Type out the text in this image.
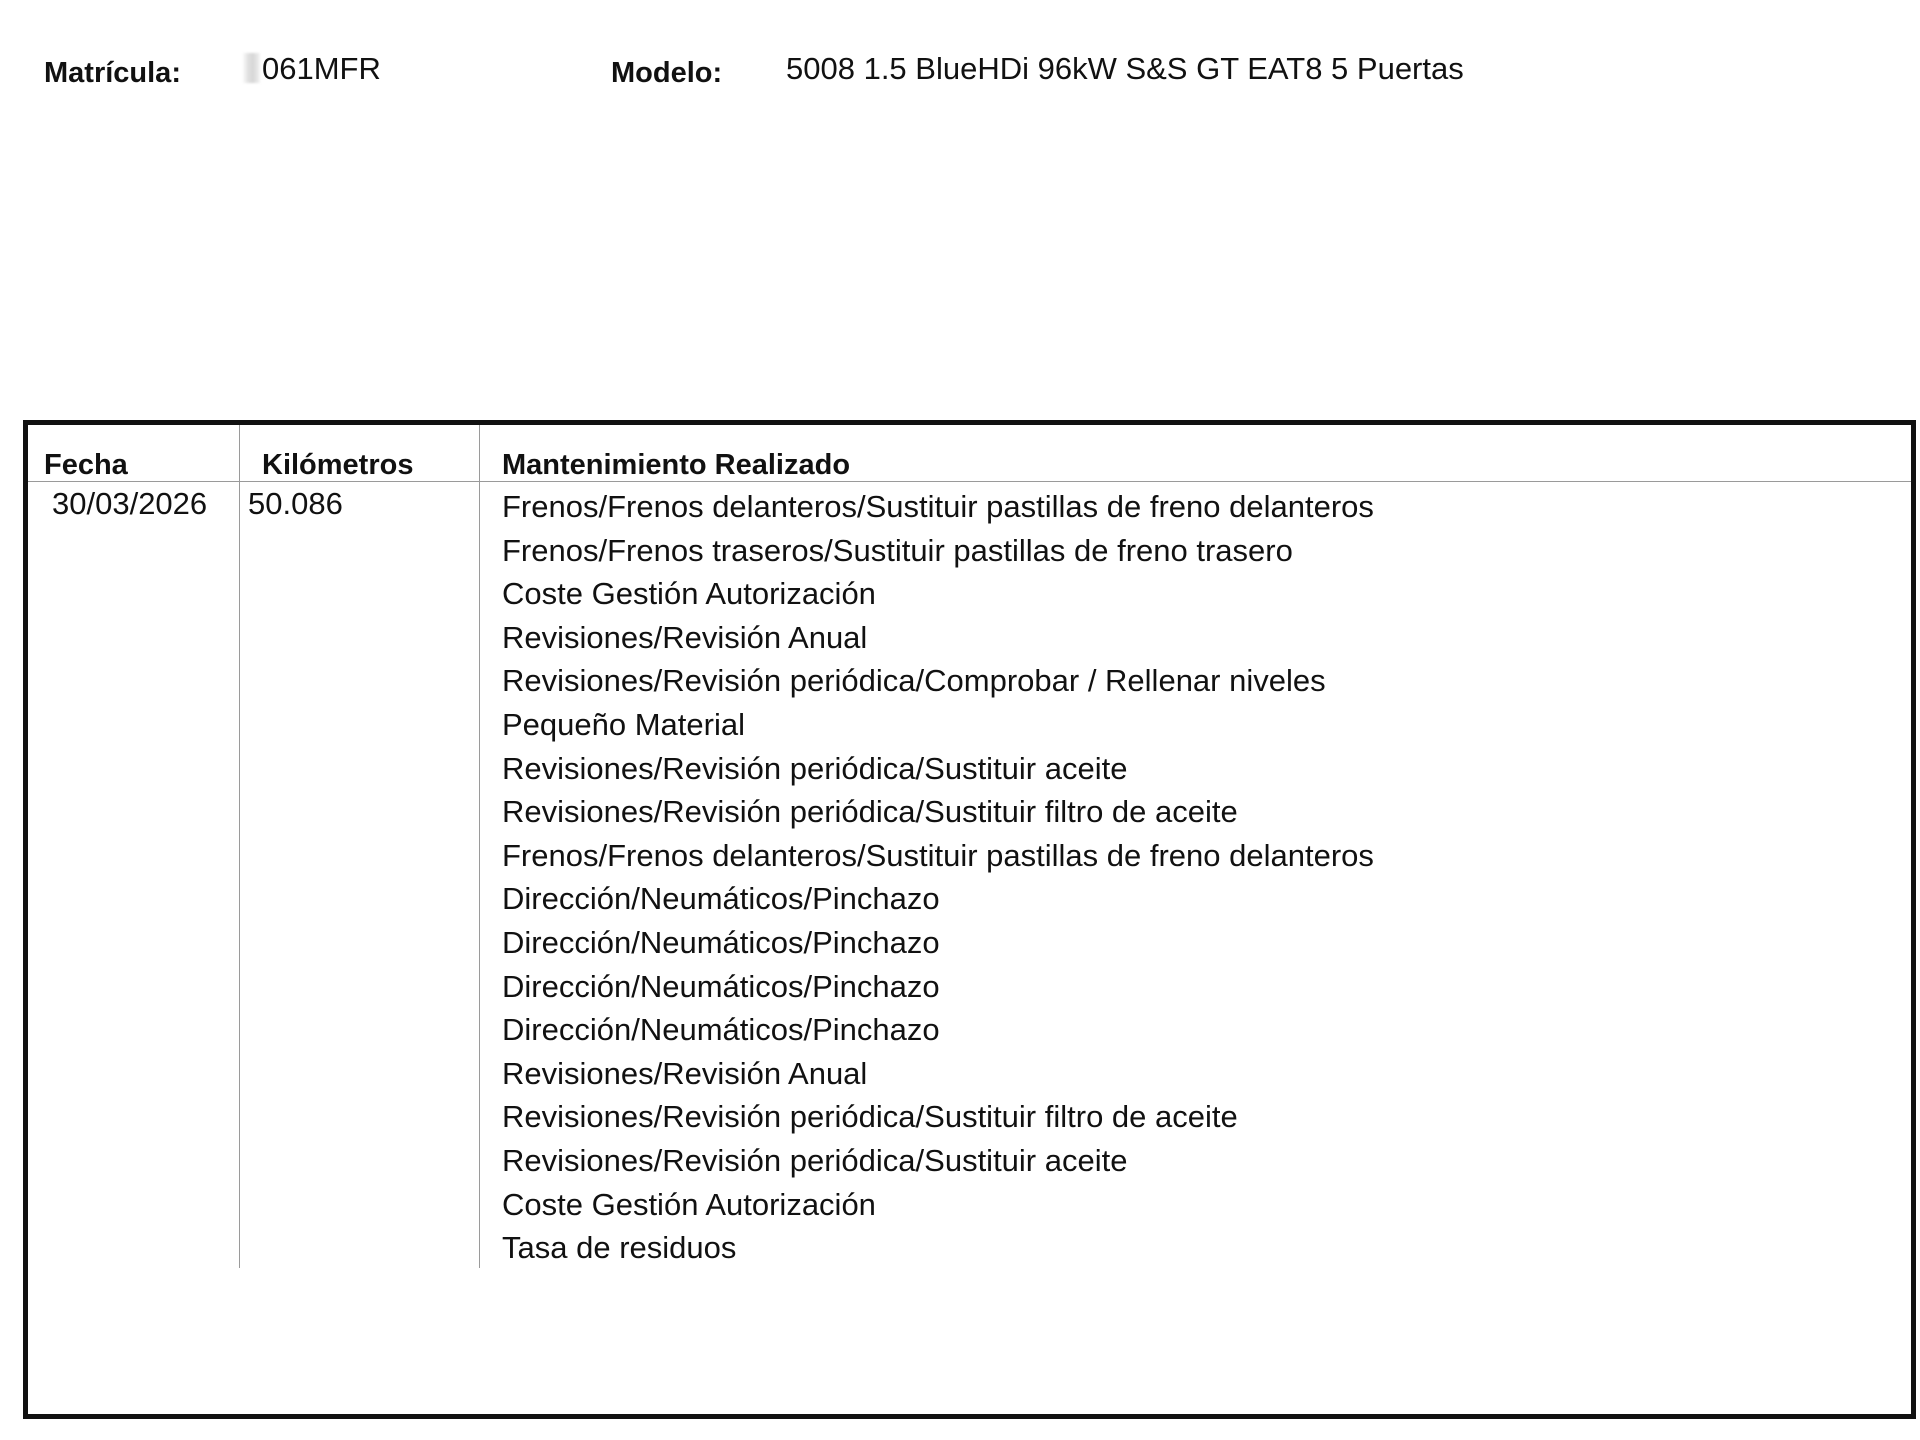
Matrícula:	061MFR	Modelo: 5008 1.5 BlueHDi 96kW S&S GT EAT8 5 Puertas
Fecha	Kilómetros	Mantenimiento Realizado
30/03/2026 50.086	Frenos/Frenos delanteros/Sustituir pastillas de freno delanteros
Frenos/Frenos traseros/Sustituir pastillas de freno trasero
Coste Gestión Autorización
Revisiones/Revisión Anual
Revisiones/Revisión periódica/Comprobar / Rellenar niveles
Pequeño Material
Revisiones/Revisión periódica/Sustituir aceite
Revisiones/Revisión periódica/Sustituir filtro de aceite
Frenos/Frenos delanteros/Sustituir pastillas de freno delanteros
Dirección/Neumáticos/Pinchazo
Dirección/Neumáticos/Pinchazo
Dirección/Neumáticos/Pinchazo
Dirección/Neumáticos/Pinchazo
Revisiones/Revisión Anual
Revisiones/Revisión periódica/Sustituir filtro de aceite
Revisiones/Revisión periódica/Sustituir aceite
Coste Gestión Autorización
Tasa de residuos
